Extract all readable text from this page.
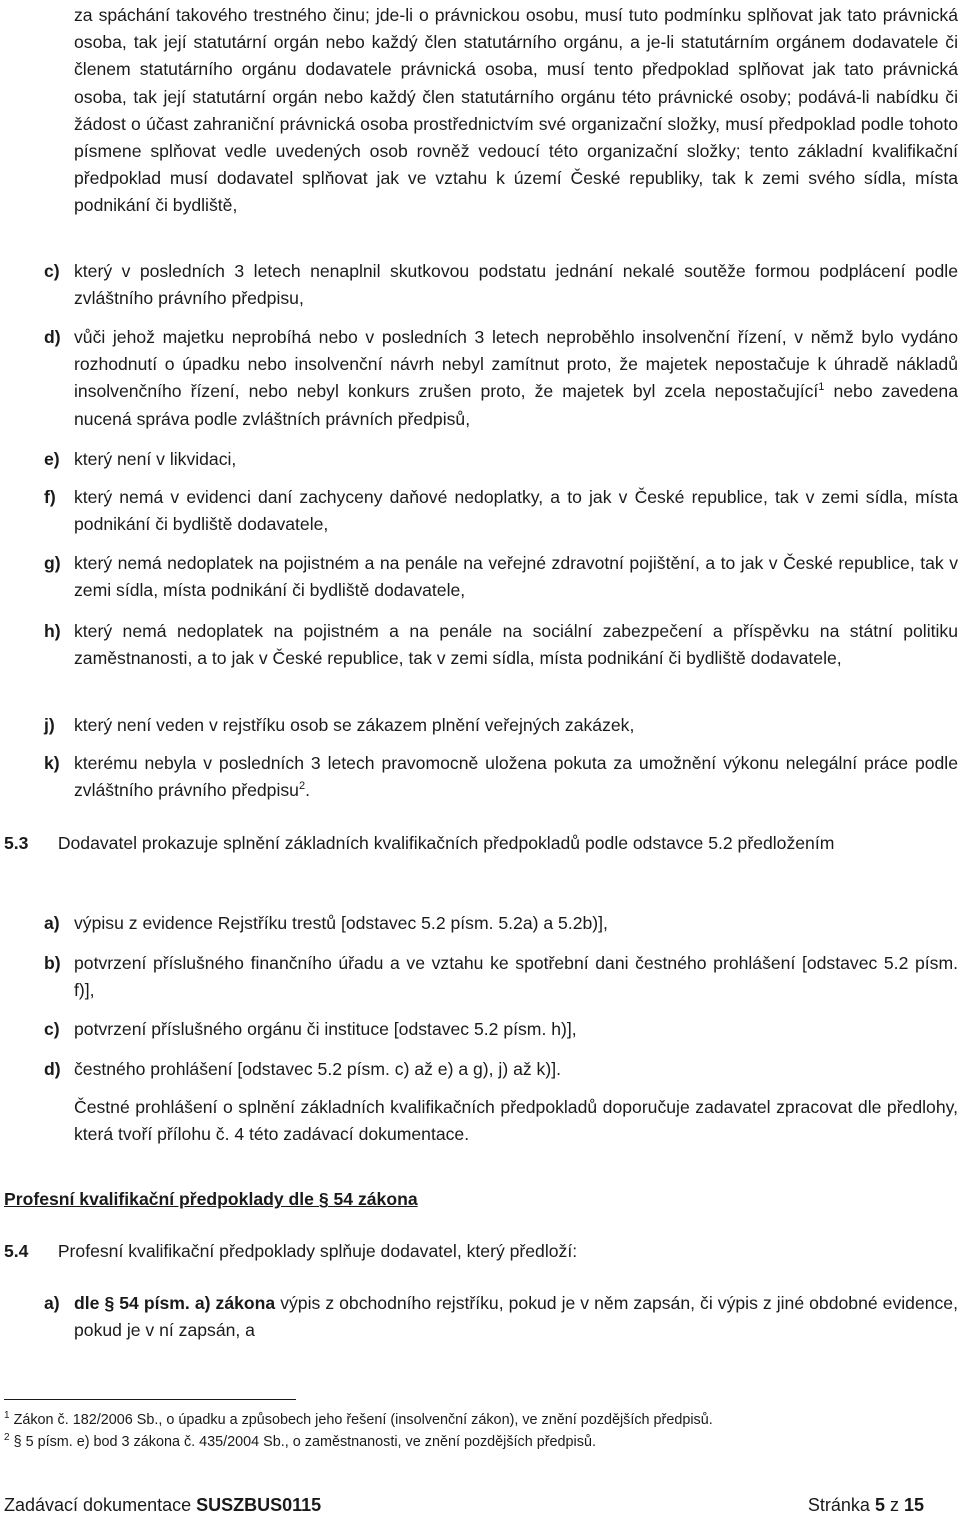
za spáchání takového trestného činu; jde-li o právnickou osobu, musí tuto podmínku splňovat jak tato právnická osoba, tak její statutární orgán nebo každý člen statutárního orgánu, a je-li statutárním orgánem dodavatele či členem statutárního orgánu dodavatele právnická osoba, musí tento předpoklad splňovat jak tato právnická osoba, tak její statutární orgán nebo každý člen statutárního orgánu této právnické osoby; podává-li nabídku či žádost o účast zahraniční právnická osoba prostřednictvím své organizační složky, musí předpoklad podle tohoto písmene splňovat vedle uvedených osob rovněž vedoucí této organizační složky; tento základní kvalifikační předpoklad musí dodavatel splňovat jak ve vztahu k území České republiky, tak k zemi svého sídla, místa podnikání či bydliště,

c) který v posledních 3 letech nenaplnil skutkovou podstatu jednání nekalé soutěže formou podplácení podle zvláštního právního předpisu,
d) vůči jehož majetku neprobíhá nebo v posledních 3 letech neproběhlo insolvenční řízení, v němž bylo vydáno rozhodnutí o úpadku nebo insolvenční návrh nebyl zamítnut proto, že majetek nepostačuje k úhradě nákladů insolvenčního řízení, nebo nebyl konkurs zrušen proto, že majetek byl zcela nepostačující$^1$ nebo zavedena nucená správa podle zvláštních právních předpisů,
e) který není v likvidaci,
f) který nemá v evidenci daní zachyceny daňové nedoplatky, a to jak v České republice, tak v zemi sídla, místa podnikání či bydliště dodavatele,
g) který nemá nedoplatek na pojistném a na penále na veřejné zdravotní pojištění, a to jak v České republice, tak v zemi sídla, místa podnikání či bydliště dodavatele,
h) který nemá nedoplatek na pojistném a na penále na sociální zabezpečení a příspěvku na státní politiku zaměstnanosti, a to jak v České republice, tak v zemi sídla, místa podnikání či bydliště dodavatele,
j) který není veden v rejstříku osob se zákazem plnění veřejných zakázek,
k) kterému nebyla v posledních 3 letech pravomocně uložena pokuta za umožnění výkonu nelegální práce podle zvláštního právního předpisu$^2$.

5.3 Dodavatel prokazuje splnění základních kvalifikačních předpokladů podle odstavce 5.2 předložením

a) výpisu z evidence Rejstříku trestů [odstavec 5.2 písm. 5.2a) a 5.2b)],
b) potvrzení příslušného finančního úřadu a ve vztahu ke spotřební dani čestného prohlášení [odstavec 5.2 písm. f)],
c) potvrzení příslušného orgánu či instituce [odstavec 5.2 písm. h)],
d) čestného prohlášení [odstavec 5.2 písm. c) až e) a g), j) až k)].

Čestné prohlášení o splnění základních kvalifikačních předpokladů doporučuje zadavatel zpracovat dle předlohy, která tvoří přílohu č. 4 této zadávací dokumentace.

Profesní kvalifikační předpoklady dle § 54 zákona

5.4 Profesní kvalifikační předpoklady splňuje dodavatel, který předloží:

a) dle § 54 písm. a) zákona výpis z obchodního rejstříku, pokud je v něm zapsán, či výpis z jiné obdobné evidence, pokud je v ní zapsán, a

$^1$ Zákon č. 182/2006 Sb., o úpadku a způsobech jeho řešení (insolvenční zákon), ve znění pozdějších předpisů.

$^2$ § 5 písm. e) bod 3 zákona č. 435/2004 Sb., o zaměstnanosti, ve znění pozdějších předpisů.

Zadávací dokumentace SUSZBUS0115	Stránka 5 z 15
